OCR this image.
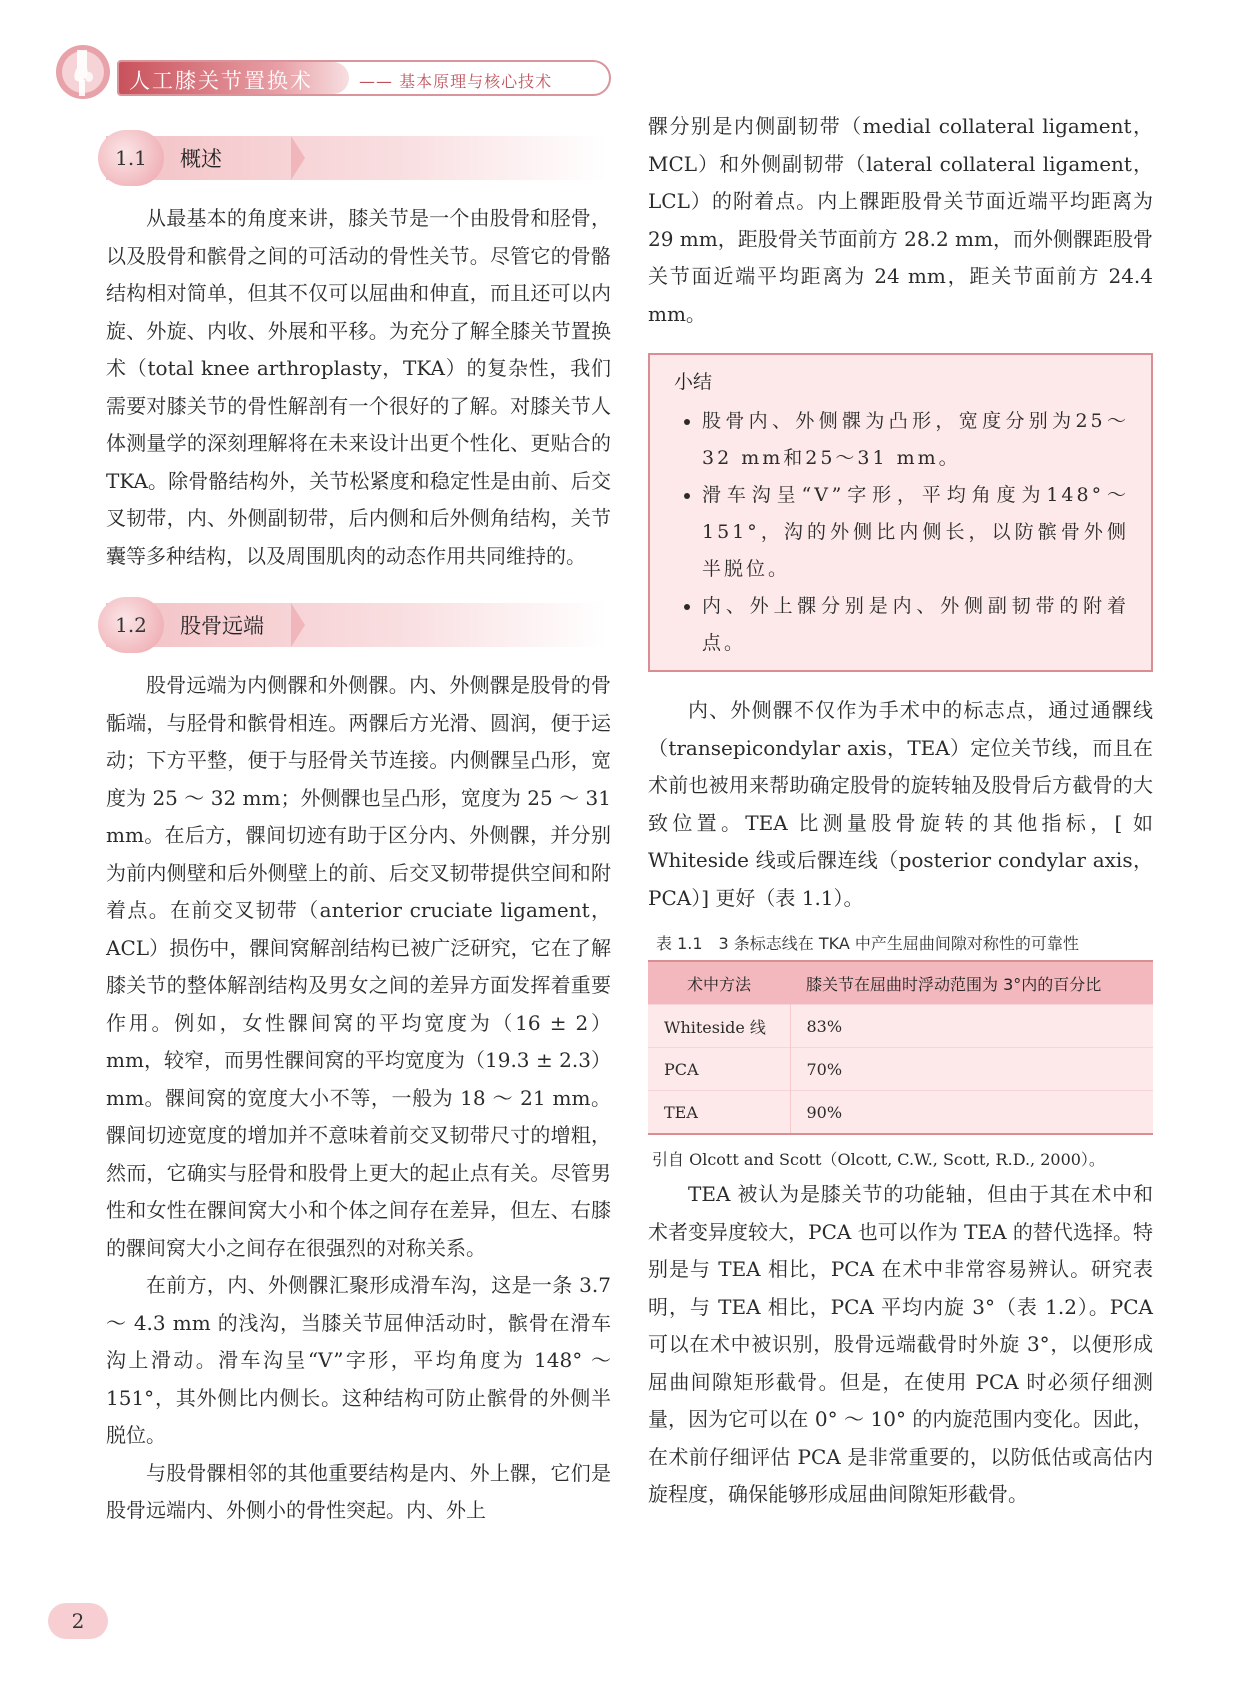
人工膝关节置换术	—— 基本原理与核心技术
1.1	概述

从最基本的角度来讲，膝关节是一个由股骨和胫骨，以及股骨和髌骨之间的可活动的骨性关节。尽管它的骨骼结构相对简单，但其不仅可以屈曲和伸直，而且还可以内旋、外旋、内收、外展和平移。为充分了解全膝关节置换术（total knee arthroplasty，TKA）的复杂性，我们需要对膝关节的骨性解剖有一个很好的了解。对膝关节人体测量学的深刻理解将在未来设计出更个性化、更贴合的 TKA。除骨骼结构外，关节松紧度和稳定性是由前、后交叉韧带，内、外侧副韧带，后内侧和后外侧角结构，关节囊等多种结构，以及周围肌肉的动态作用共同维持的。

1.2	股骨远端

股骨远端为内侧髁和外侧髁。内、外侧髁是股骨的骨骺端，与胫骨和髌骨相连。两髁后方光滑、圆润，便于运动；下方平整，便于与胫骨关节连接。内侧髁呈凸形，宽度为 25 ～ 32 mm；外侧髁也呈凸形，宽度为 25 ～ 31 mm。在后方，髁间切迹有助于区分内、外侧髁，并分别为前内侧壁和后外侧壁上的前、后交叉韧带提供空间和附着点。在前交叉韧带（anterior cruciate ligament，ACL）损伤中，髁间窝解剖结构已被广泛研究，它在了解膝关节的整体解剖结构及男女之间的差异方面发挥着重要作用。例如，女性髁间窝的平均宽度为（16 ± 2）mm，较窄，而男性髁间窝的平均宽度为（19.3 ± 2.3）mm。髁间窝的宽度大小不等，一般为 18 ～ 21 mm。髁间切迹宽度的增加并不意味着前交叉韧带尺寸的增粗，然而，它确实与胫骨和股骨上更大的起止点有关。尽管男性和女性在髁间窝大小和个体之间存在差异，但左、右膝的髁间窝大小之间存在很强烈的对称关系。

在前方，内、外侧髁汇聚形成滑车沟，这是一条 3.7 ～ 4.3 mm 的浅沟，当膝关节屈伸活动时，髌骨在滑车沟上滑动。滑车沟呈“V”字形，平均角度为 148° ～ 151°，其外侧比内侧长。这种结构可防止髌骨的外侧半脱位。

与股骨髁相邻的其他重要结构是内、外上髁，它们是股骨远端内、外侧小的骨性突起。内、外上

髁分别是内侧副韧带（medial collateral ligament，MCL）和外侧副韧带（lateral collateral ligament，LCL）的附着点。内上髁距股骨关节面近端平均距离为 29 mm，距股骨关节面前方 28.2 mm，而外侧髁距股骨关节面近端平均距离为 24 mm，距关节面前方 24.4 mm。

小结
• 股骨内、外侧髁为凸形，宽度分别为25～32 mm和25～31 mm。
• 滑车沟呈“V”字形，平均角度为148°～151°，沟的外侧比内侧长，以防髌骨外侧半脱位。
• 内、外上髁分别是内、外侧副韧带的附着点。

内、外侧髁不仅作为手术中的标志点，通过通髁线（transepicondylar axis，TEA）定位关节线，而且在术前也被用来帮助确定股骨的旋转轴及股骨后方截骨的大致位置。TEA 比测量股骨旋转的其他指标，[ 如 Whiteside 线或后髁连线（posterior condylar axis，PCA）] 更好（表 1.1）。

表 1.1　3 条标志线在 TKA 中产生屈曲间隙对称性的可靠性
术中方法	膝关节在屈曲时浮动范围为 3°内的百分比
Whiteside 线	83%
PCA	70%
TEA	90%
引自 Olcott and Scott（Olcott, C.W., Scott, R.D., 2000）。

TEA 被认为是膝关节的功能轴，但由于其在术中和术者变异度较大，PCA 也可以作为 TEA 的替代选择。特别是与 TEA 相比，PCA 在术中非常容易辨认。研究表明，与 TEA 相比，PCA 平均内旋 3°（表 1.2）。PCA 可以在术中被识别，股骨远端截骨时外旋 3°，以便形成屈曲间隙矩形截骨。但是，在使用 PCA 时必须仔细测量，因为它可以在 0° ～ 10° 的内旋范围内变化。因此，在术前仔细评估 PCA 是非常重要的，以防低估或高估内旋程度，确保能够形成屈曲间隙矩形截骨。

2
